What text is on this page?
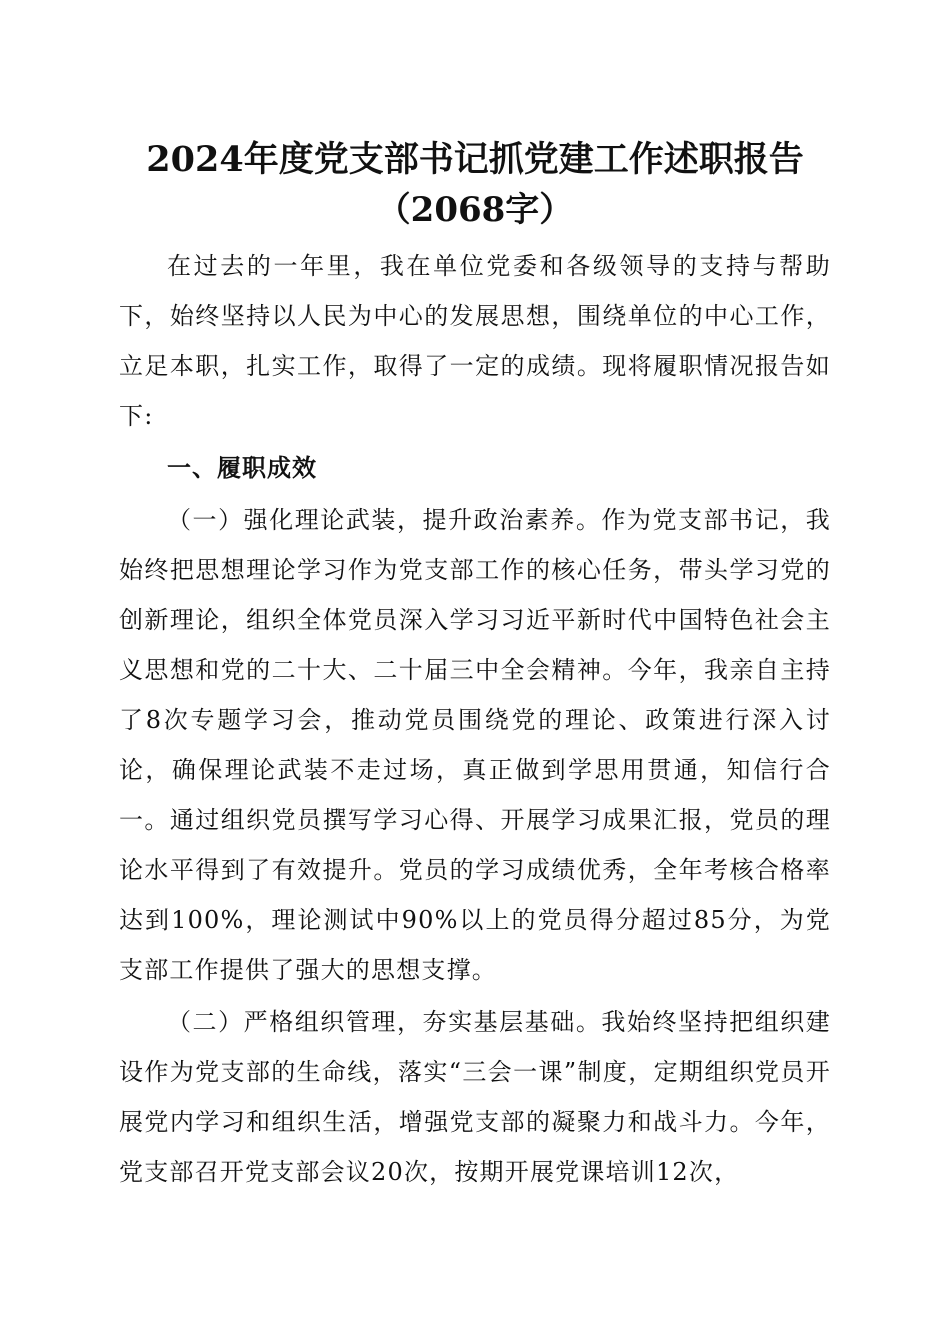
2024年度党支部书记抓党建工作述职报告
（2068字）

在过去的一年里，我在单位党委和各级领导的支持与帮助下，始终坚持以人民为中心的发展思想，围绕单位的中心工作，立足本职，扎实工作，取得了一定的成绩。现将履职情况报告如下:

一、履职成效

（一）强化理论武装，提升政治素养。作为党支部书记，我始终把思想理论学习作为党支部工作的核心任务，带头学习党的创新理论，组织全体党员深入学习习近平新时代中国特色社会主义思想和党的二十大、二十届三中全会精神。今年，我亲自主持了8次专题学习会，推动党员围绕党的理论、政策进行深入讨论，确保理论武装不走过场，真正做到学思用贯通，知信行合一。通过组织党员撰写学习心得、开展学习成果汇报，党员的理论水平得到了有效提升。党员的学习成绩优秀，全年考核合格率达到100%，理论测试中90%以上的党员得分超过85分，为党支部工作提供了强大的思想支撑。

（二）严格组织管理，夯实基层基础。我始终坚持把组织建设作为党支部的生命线，落实“三会一课”制度，定期组织党员开展党内学习和组织生活，增强党支部的凝聚力和战斗力。今年，党支部召开党支部会议20次，按期开展党课培训12次，
